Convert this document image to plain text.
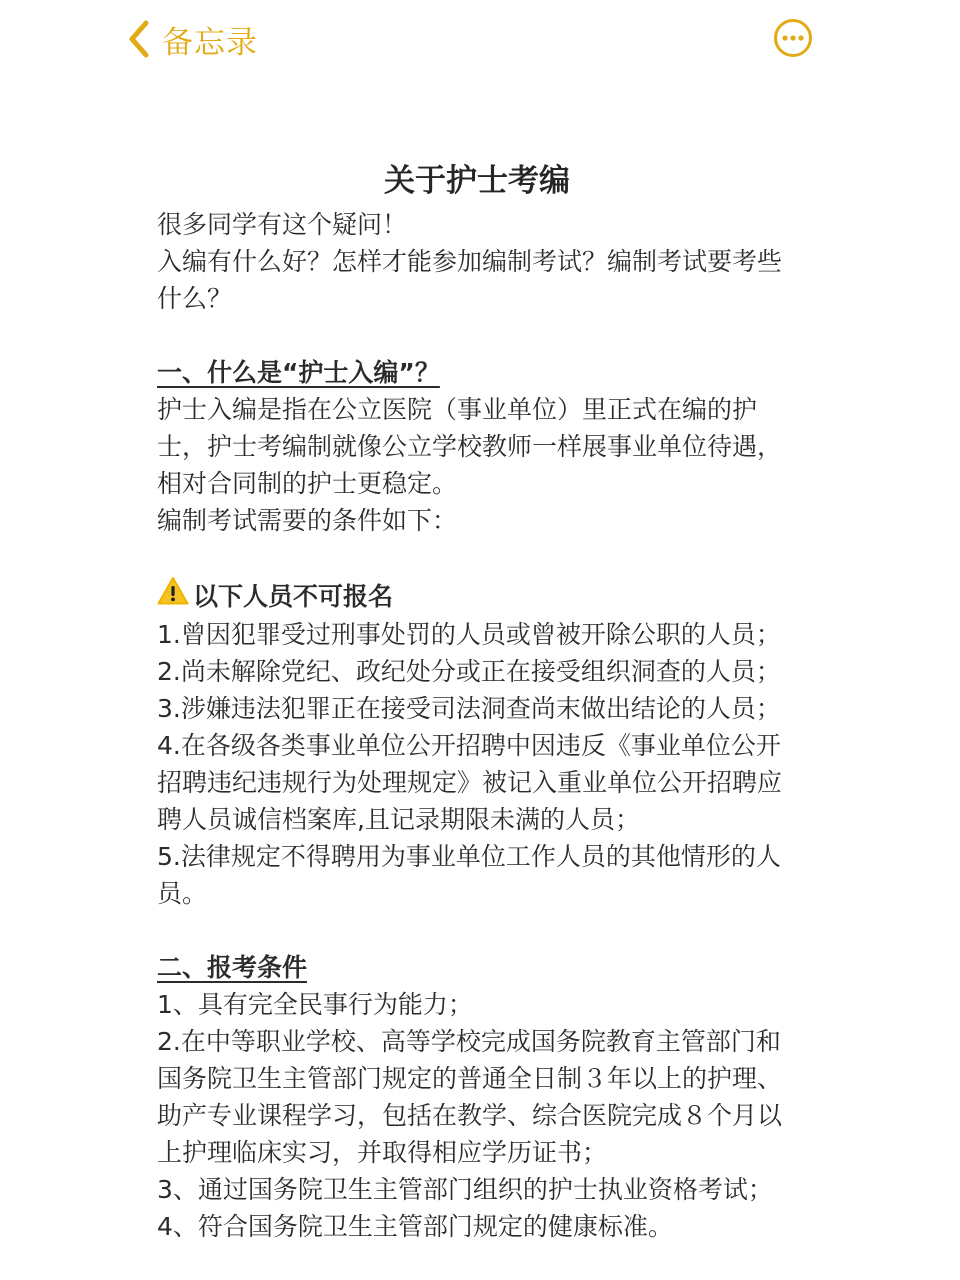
备忘录
关于护士考编
很多同学有这个疑问！
入编有什么好？怎样才能参加编制考试？编制考试要考些
什么？
一、什么是“护士入编”？
护士入编是指在公立医院（事业单位）里正式在编的护
士，护士考编制就像公立学校教师一样展事业单位待遇，
相对合同制的护士更稳定。
编制考试需要的条件如下：
以下人员不可报名
1.曾因犯罪受过刑事处罚的人员或曾被开除公职的人员；
2.尚未解除党纪、政纪处分或正在接受组织洞查的人员；
3.涉嫌违法犯罪正在接受司法洞查尚末做出结论的人员；
4.在各级各类事业单位公开招聘中因违反《事业单位公开
招聘违纪违规行为处理规定》被记入重业单位公开招聘应
聘人员诚信档案库,且记录期限未满的人员；
5.法律规定不得聘用为事业单位工作人员的其他情形的人
员。
二、报考条件
1、具有完全民事行为能力；
2.在中等职业学校、高等学校完成国务院教育主管部门和
国务院卫生主管部门规定的普通全日制３年以上的护理、
助产专业课程学习，包括在教学、综合医院完成８个月以
上护理临床实习，并取得相应学历证书；
3、通过国务院卫生主管部门组织的护士执业资格考试；
4、符合国务院卫生主管部门规定的健康标准。
